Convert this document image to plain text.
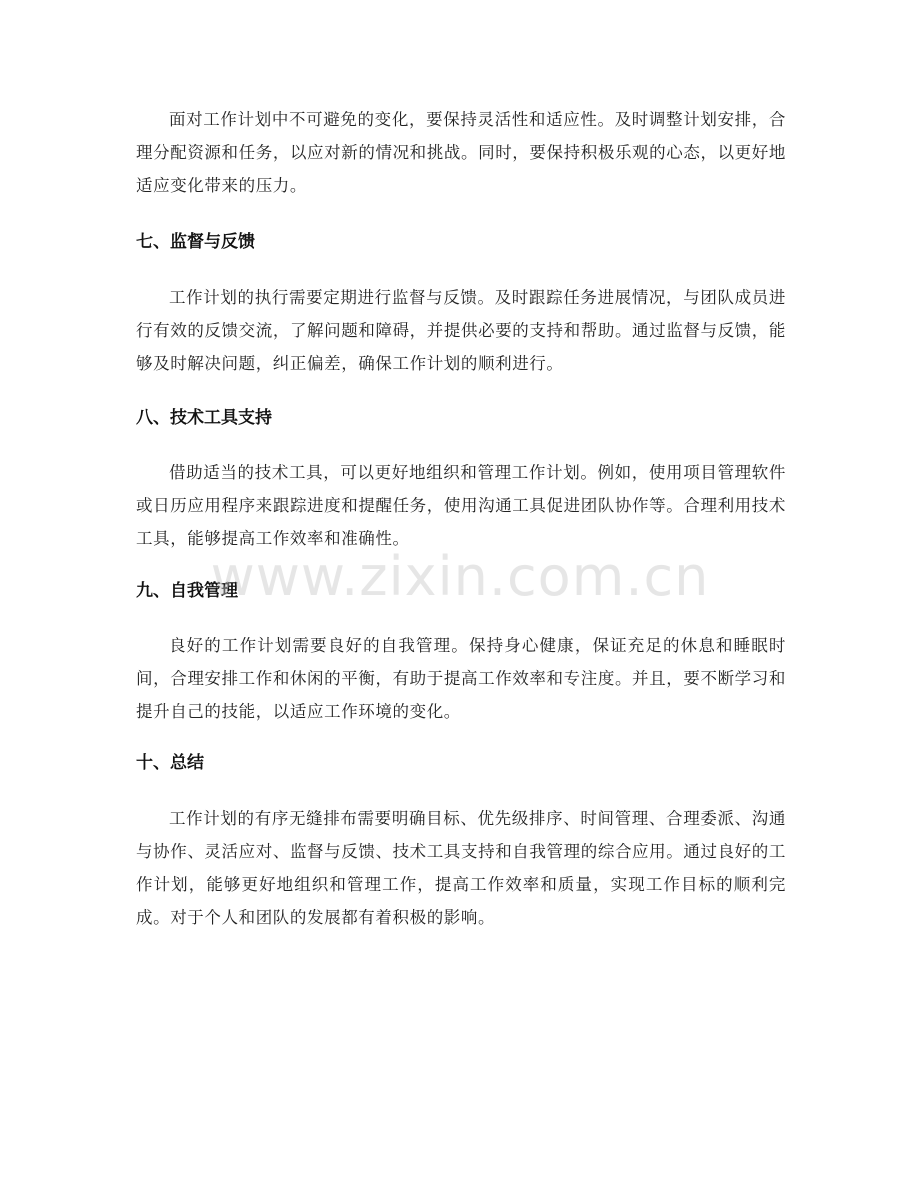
面对工作计划中不可避免的变化，要保持灵活性和适应性。及时调整计划安排，合理分配资源和任务，以应对新的情况和挑战。同时，要保持积极乐观的心态，以更好地适应变化带来的压力。

七、监督与反馈

工作计划的执行需要定期进行监督与反馈。及时跟踪任务进展情况，与团队成员进行有效的反馈交流，了解问题和障碍，并提供必要的支持和帮助。通过监督与反馈，能够及时解决问题，纠正偏差，确保工作计划的顺利进行。

八、技术工具支持

借助适当的技术工具，可以更好地组织和管理工作计划。例如，使用项目管理软件或日历应用程序来跟踪进度和提醒任务，使用沟通工具促进团队协作等。合理利用技术工具，能够提高工作效率和准确性。

九、自我管理

良好的工作计划需要良好的自我管理。保持身心健康，保证充足的休息和睡眠时间，合理安排工作和休闲的平衡，有助于提高工作效率和专注度。并且，要不断学习和提升自己的技能，以适应工作环境的变化。

十、总结

工作计划的有序无缝排布需要明确目标、优先级排序、时间管理、合理委派、沟通与协作、灵活应对、监督与反馈、技术工具支持和自我管理的综合应用。通过良好的工作计划，能够更好地组织和管理工作，提高工作效率和质量，实现工作目标的顺利完成。对于个人和团队的发展都有着积极的影响。

www.zixin.com.cn
